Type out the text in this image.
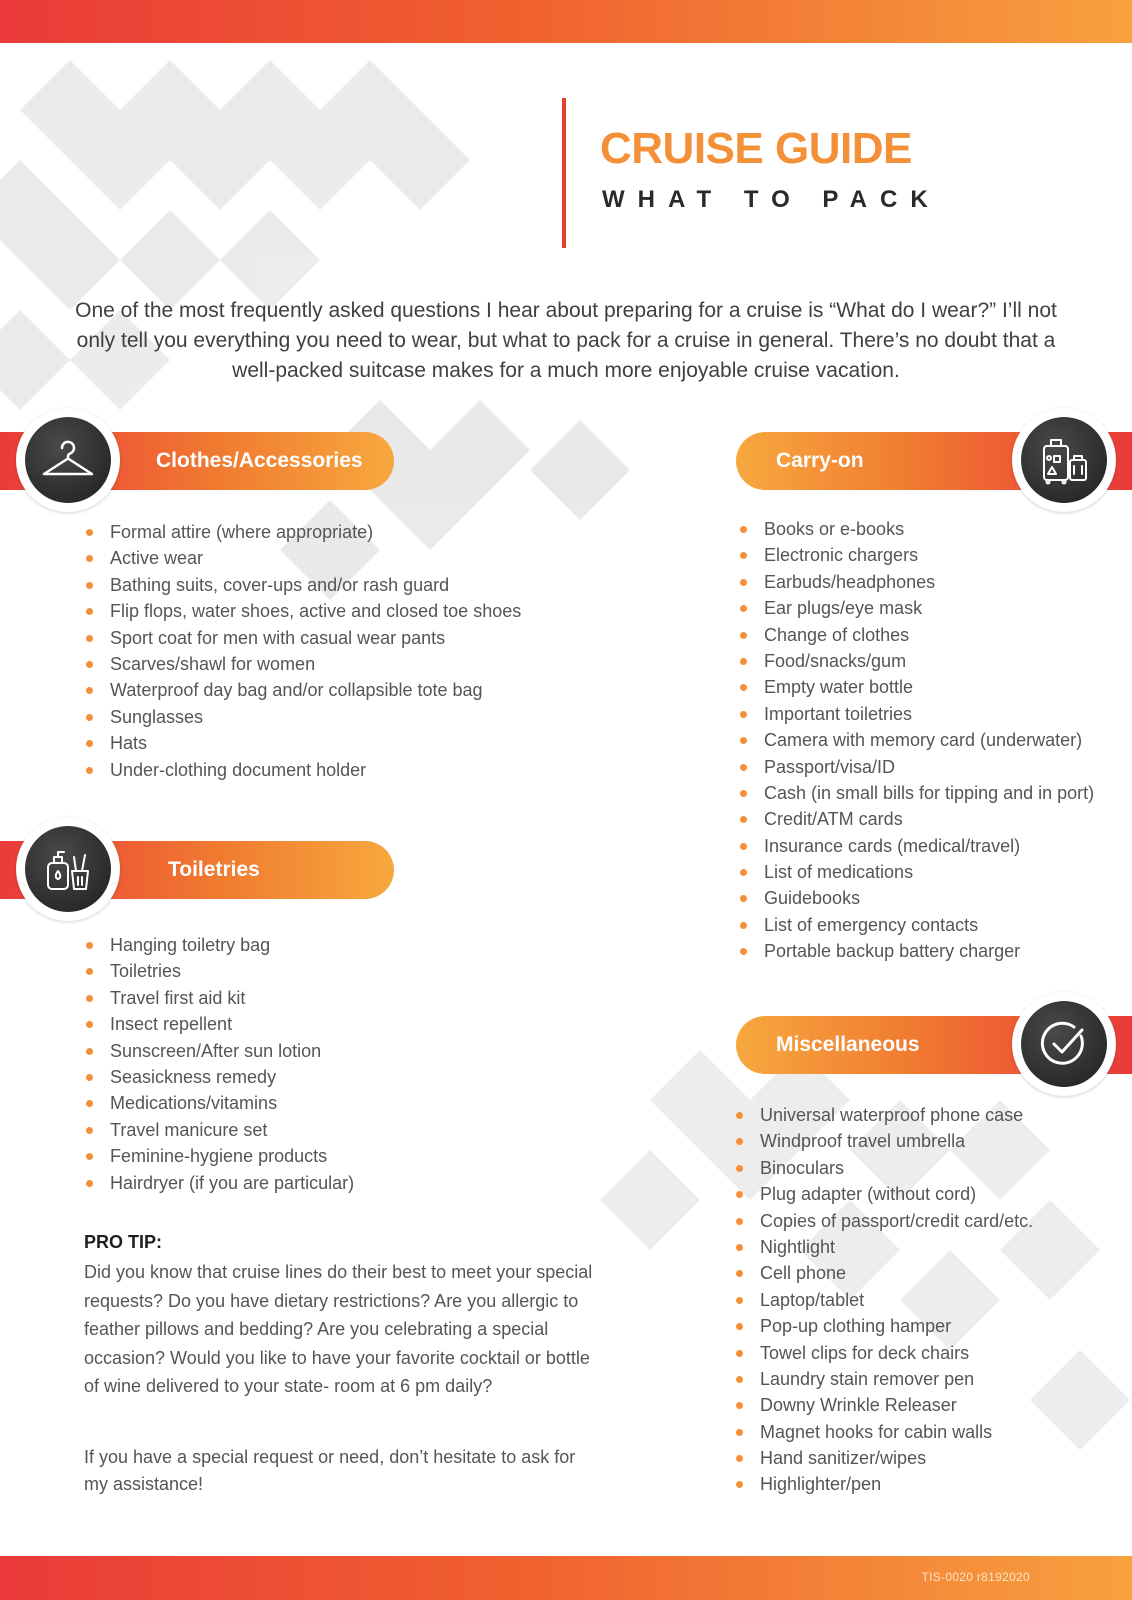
CRUISE GUIDE
WHAT TO PACK
One of the most frequently asked questions I hear about preparing for a cruise is “What do I wear?” I’ll not only tell you everything you need to wear, but what to pack for a cruise in general. There’s no doubt that a well-packed suitcase makes for a much more enjoyable cruise vacation.
Clothes/Accessories
Formal attire (where appropriate)
Active wear
Bathing suits, cover-ups and/or rash guard
Flip flops, water shoes, active and closed toe shoes
Sport coat for men with casual wear pants
Scarves/shawl for women
Waterproof day bag and/or collapsible tote bag
Sunglasses
Hats
Under-clothing document holder
Toiletries
Hanging toiletry bag
Toiletries
Travel first aid kit
Insect repellent
Sunscreen/After sun lotion
Seasickness remedy
Medications/vitamins
Travel manicure set
Feminine-hygiene products
Hairdryer (if you are particular)
PRO TIP:
Did you know that cruise lines do their best to meet your special requests? Do you have dietary restrictions? Are you allergic to feather pillows and bedding? Are you celebrating a special occasion? Would you like to have your favorite cocktail or bottle of wine delivered to your state- room at 6 pm daily?
If you have a special request or need, don’t hesitate to ask for my assistance!
Carry-on
Books or e-books
Electronic chargers
Earbuds/headphones
Ear plugs/eye mask
Change of clothes
Food/snacks/gum
Empty water bottle
Important toiletries
Camera with memory card (underwater)
Passport/visa/ID
Cash (in small bills for tipping and in port)
Credit/ATM cards
Insurance cards (medical/travel)
List of medications
Guidebooks
List of emergency contacts
Portable backup battery charger
Miscellaneous
Universal waterproof phone case
Windproof travel umbrella
Binoculars
Plug adapter (without cord)
Copies of passport/credit card/etc.
Nightlight
Cell phone
Laptop/tablet
Pop-up clothing hamper
Towel clips for deck chairs
Laundry stain remover pen
Downy Wrinkle Releaser
Magnet hooks for cabin walls
Hand sanitizer/wipes
Highlighter/pen
TIS-0020 r8192020
